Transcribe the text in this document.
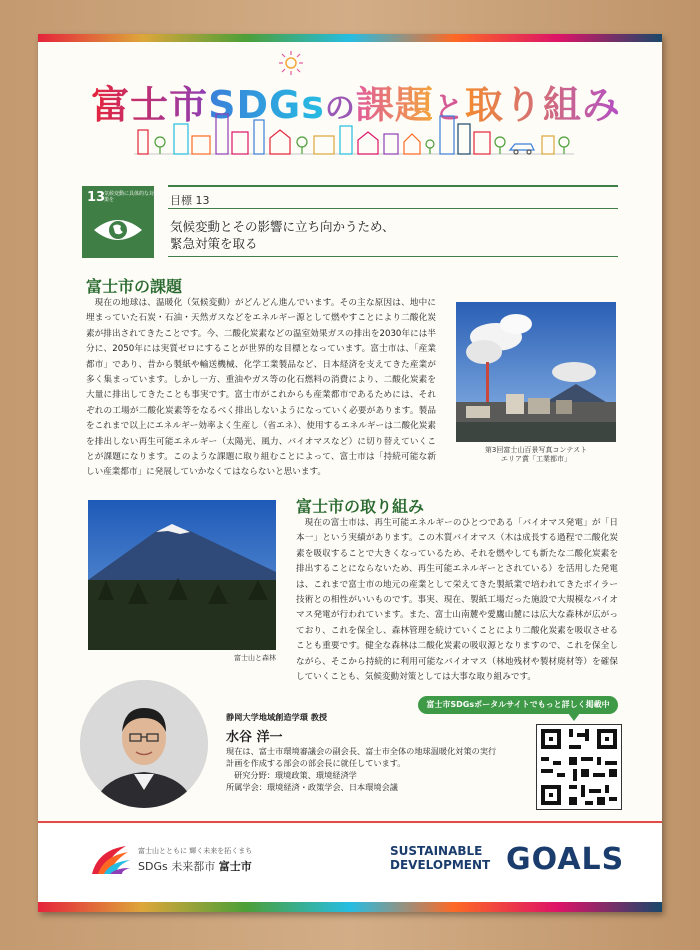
富士市SDGsの課題と取り組み
13
気候変動に具体的な対策を	目標 13
気候変動とその影響に立ち向かうため、
緊急対策を取る
富士市の課題

現在の地球は、温暖化（気候変動）がどんどん進んでいます。その主な原因は、地中に埋まっていた石炭・石油・天然ガスなどをエネルギー源として燃やすことにより二酸化炭素が排出されてきたことです。今、二酸化炭素などの温室効果ガスの排出を2030年には半分に、2050年には実質ゼロにすることが世界的な目標となっています。富士市は、「産業都市」であり、昔から製紙や輸送機械、化学工業製品など、日本経済を支えてきた産業が多く集まっています。しかし一方、重油やガス等の化石燃料の消費により、二酸化炭素を大量に排出してきたことも事実です。富士市がこれからも産業都市であるためには、それぞれの工場が二酸化炭素等をなるべく排出しないようになっていく必要があります。製品をこれまで以上にエネルギー効率よく生産し（省エネ）、使用するエネルギーは二酸化炭素を排出しない再生可能エネルギー（太陽光、風力、バイオマスなど）に切り替えていくことが課題になります。このような課題に取り組むことによって、富士市は「持続可能な新しい産業都市」に発展していかなくてはならないと思います。

第3回富士山百景写真コンテスト
エリア賞「工業都市」
富士山と森林
富士市の取り組み

現在の富士市は、再生可能エネルギーのひとつである「バイオマス発電」が「日本一」という実績があります。この木質バイオマス（木は成長する過程で二酸化炭素を吸収することで大きくなっているため、それを燃やしても新たな二酸化炭素を排出することにならないため、再生可能エネルギーとされている）を活用した発電は、これまで富士市の地元の産業として栄えてきた製紙業で培われてきたボイラー技術との相性がいいものです。事実、現在、製紙工場だった施設で大規模なバイオマス発電が行われています。また、富士山南麓や愛鷹山麓には広大な森林が広がっており、これを保全し、森林管理を続けていくことにより二酸化炭素を吸収させることも重要です。健全な森林は二酸化炭素の吸収源となりますので、これを保全しながら、そこから持続的に利用可能なバイオマス（林地残材や製材廃材等）を確保していくことも、気候変動対策としては大事な取り組みです。

静岡大学地域創造学環 教授
水谷 洋一
現在は、富士市環境審議会の副会長、富士市全体の地球温暖化対策の実行
計画を作成する部会の部会長に就任しています。
研究分野：環境政策、環境経済学
所属学会：環境経済・政策学会、日本環境会議
富士市SDGsポータルサイトでもっと詳しく掲載中
富士山とともに 輝く未来を拓くまち
SDGs 未来都市 富士市
SUSTAINABLE
DEVELOPMENT GOALS
